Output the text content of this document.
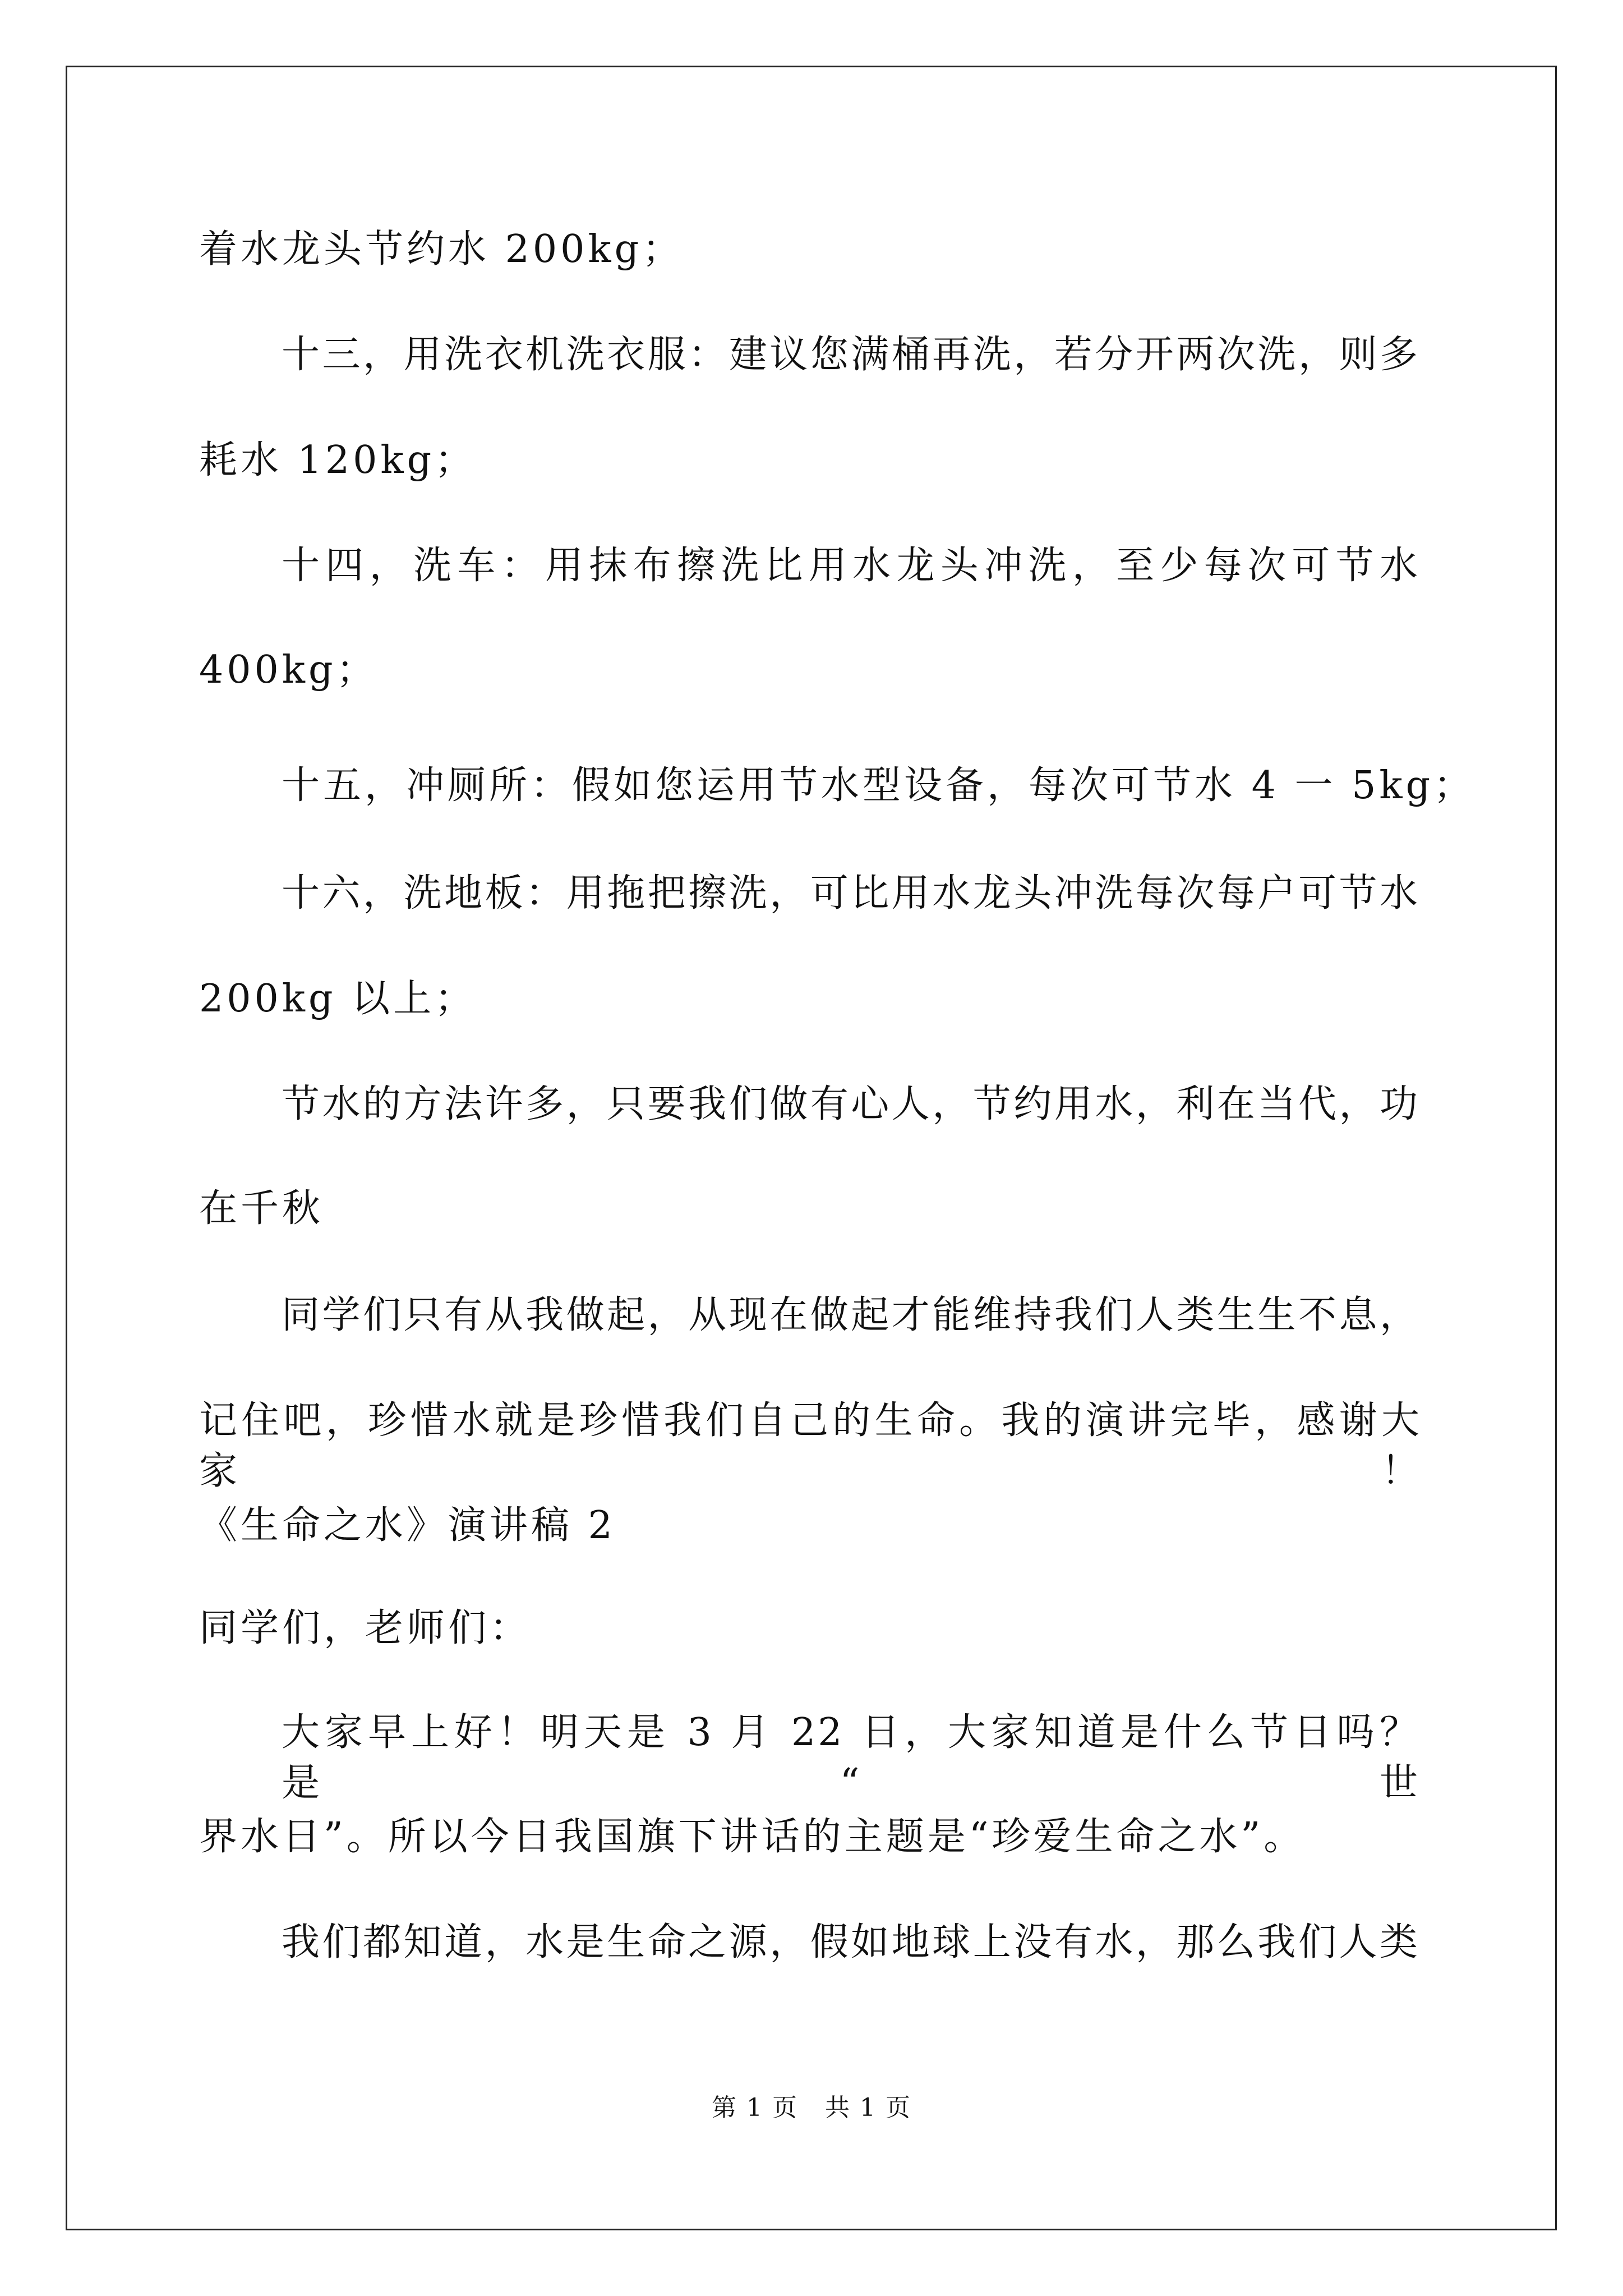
着水龙头节约水 200kg；
十三，用洗衣机洗衣服：建议您满桶再洗，若分开两次洗，则多
耗水 120kg；
十四，洗车：用抹布擦洗比用水龙头冲洗，至少每次可节水
400kg；
十五，冲厕所：假如您运用节水型设备，每次可节水 4 一 5kg；
十六，洗地板：用拖把擦洗，可比用水龙头冲洗每次每户可节水
200kg 以上；
节水的方法许多，只要我们做有心人，节约用水，利在当代，功
在千秋
同学们只有从我做起，从现在做起才能维持我们人类生生不息，
记住吧，珍惜水就是珍惜我们自己的生命。我的演讲完毕，感谢大家！
《生命之水》演讲稿 2
同学们，老师们：
大家早上好！明天是 3 月 22 日，大家知道是什么节日吗？是“世
界水日”。所以今日我国旗下讲话的主题是“珍爱生命之水”。
我们都知道，水是生命之源，假如地球上没有水，那么我们人类
第 1 页 共 1 页
